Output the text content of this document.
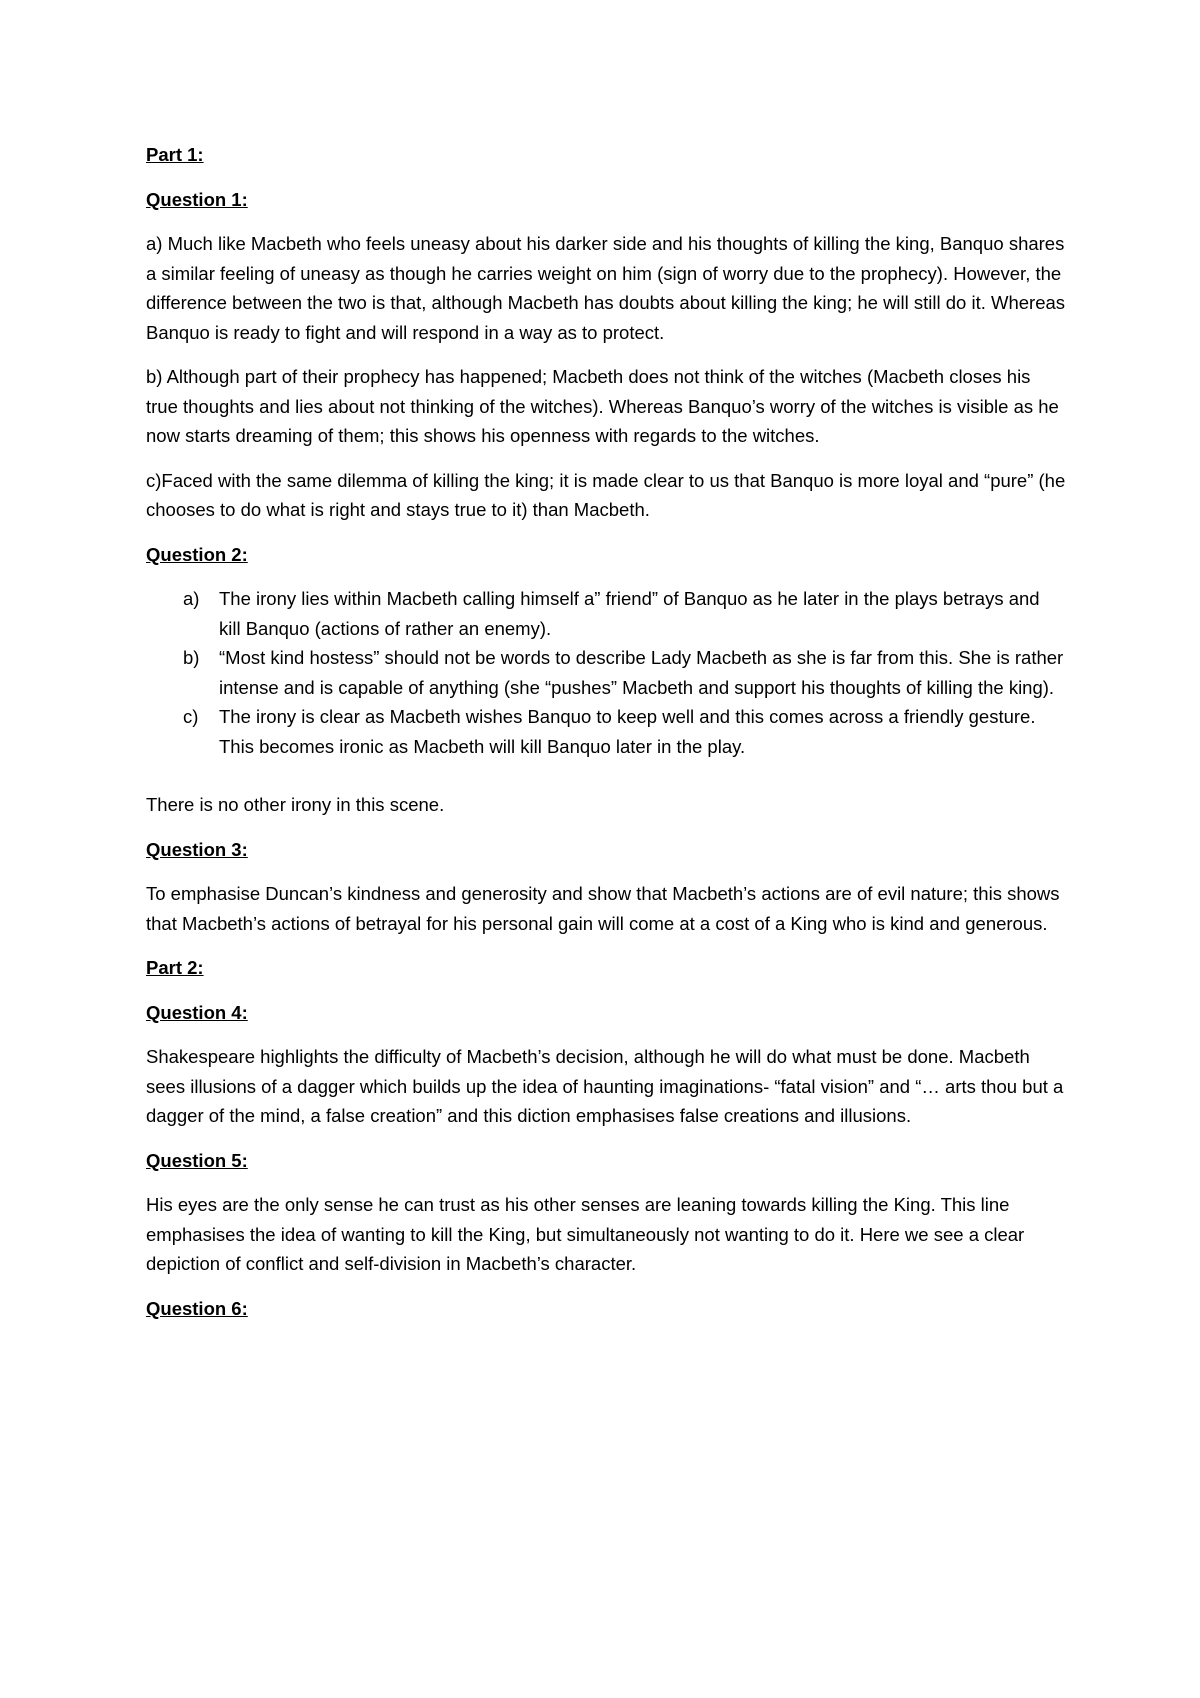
Part 1:

Question 1:

a) Much like Macbeth who feels uneasy about his darker side and his thoughts of killing the king, Banquo shares a similar feeling of uneasy as though he carries weight on him (sign of worry due to the prophecy). However, the difference between the two is that, although Macbeth has doubts about killing the king; he will still do it. Whereas Banquo is ready to fight and will respond in a way as to protect.

b) Although part of their prophecy has happened; Macbeth does not think of the witches (Macbeth closes his true thoughts and lies about not thinking of the witches). Whereas Banquo’s worry of the witches is visible as he now starts dreaming of them; this shows his openness with regards to the witches.

c)Faced with the same dilemma of killing the king; it is made clear to us that Banquo is more loyal and “pure” (he chooses to do what is right and stays true to it) than Macbeth.

Question 2:

a) The irony lies within Macbeth calling himself a” friend” of Banquo as he later in the plays betrays and kill Banquo (actions of rather an enemy).
b) “Most kind hostess” should not be words to describe Lady Macbeth as she is far from this. She is rather intense and is capable of anything (she “pushes” Macbeth and support his thoughts of killing the king).
c) The irony is clear as Macbeth wishes Banquo to keep well and this comes across a friendly gesture. This becomes ironic as Macbeth will kill Banquo later in the play.

There is no other irony in this scene.

Question 3:

To emphasise Duncan’s kindness and generosity and show that Macbeth’s actions are of evil nature; this shows that Macbeth’s actions of betrayal for his personal gain will come at a cost of a King who is kind and generous.

Part 2:

Question 4:

Shakespeare highlights the difficulty of Macbeth’s decision, although he will do what must be done. Macbeth sees illusions of a dagger which builds up the idea of haunting imaginations- “fatal vision” and “… arts thou but a dagger of the mind, a false creation” and this diction emphasises false creations and illusions.

Question 5:

His eyes are the only sense he can trust as his other senses are leaning towards killing the King. This line emphasises the idea of wanting to kill the King, but simultaneously not wanting to do it. Here we see a clear depiction of conflict and self-division in Macbeth’s character.

Question 6:
